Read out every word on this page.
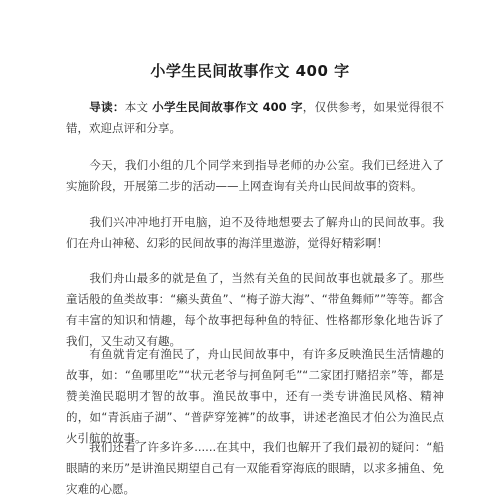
小学生民间故事作文 400 字

导读：本文 小学生民间故事作文 400 字，仅供参考，如果觉得很不错，欢迎点评和分享。

今天，我们小组的几个同学来到指导老师的办公室。我们已经进入了实施阶段，开展第二步的活动——上网查询有关舟山民间故事的资料。

我们兴冲冲地打开电脑，迫不及待地想要去了解舟山的民间故事。我们在舟山神秘、幻彩的民间故事的海洋里遨游，觉得好精彩啊！

我们舟山最多的就是鱼了，当然有关鱼的民间故事也就最多了。那些童话般的鱼类故事：“癞头黄鱼”、“梅子游大海”、“带鱼舞师””等等。都含有丰富的知识和情趣，每个故事把每种鱼的特征、性格都形象化地告诉了我们，又生动又有趣。

有鱼就肯定有渔民了，舟山民间故事中，有许多反映渔民生活情趣的故事，如：“鱼哪里吃”“状元老爷与抲鱼阿毛”“二家团打赌招亲”等，都是赞美渔民聪明才智的故事。渔民故事中，还有一类专讲渔民风格、精神的，如“青浜庙子湖”、“普萨穿笼裤”的故事，讲述老渔民才伯公为渔民点火引航的故事。

我们还看了许多许多......在其中，我们也解开了我们最初的疑问：“船眼睛的来历”是讲渔民期望自己有一双能看穿海底的眼睛，以求多捕鱼、免灾难的心愿。
